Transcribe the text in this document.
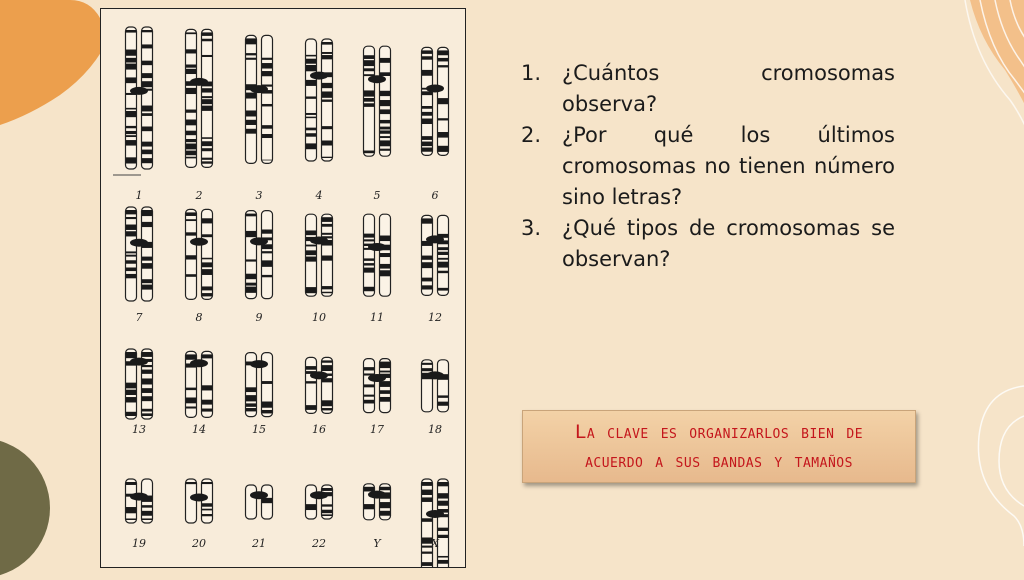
1	2	3	4	5	6
7	8	9	10	11	12
13	14	15	16	17	18
19	20	21	22	Y	X
1. ¿Cuántos cromosomas observa?
2. ¿Por qué los últimos cromosomas no tienen número sino letras?
3. ¿Qué tipos de cromosomas se observan?
La clave es organizarlos bien de acuerdo a sus bandas y tamaños
